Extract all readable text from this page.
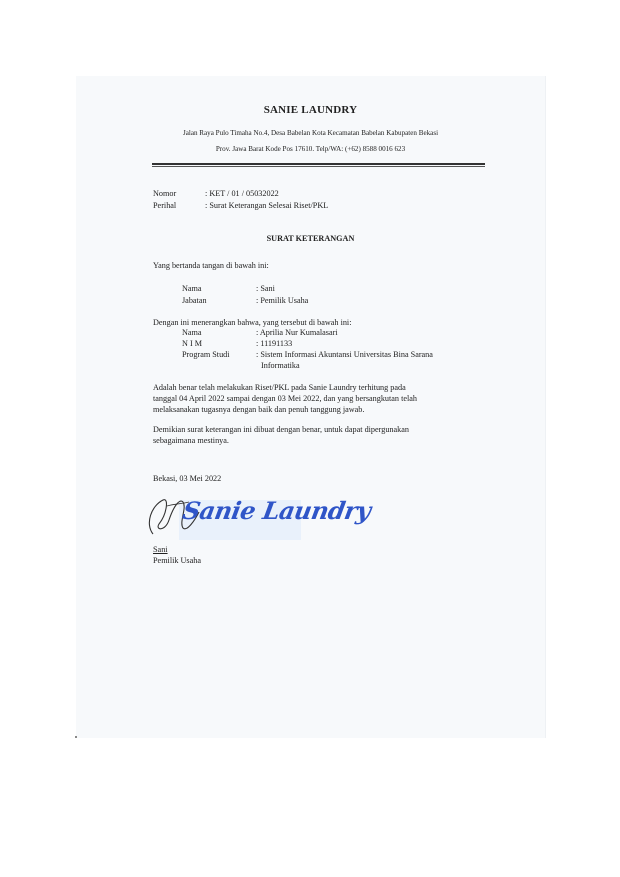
SANIE LAUNDRY
Jalan Raya Pulo Timaha No.4, Desa Babelan Kota Kecamatan Babelan Kabupaten Bekasi
Prov. Jawa Barat Kode Pos 17610. Telp/WA: (+62) 8588 0016 623
Nomor	: KET / 01 / 05032022
Perihal	: Surat Keterangan Selesai Riset/PKL
SURAT KETERANGAN
Yang bertanda tangan di bawah ini:
Nama	: Sani
Jabatan	: Pemilik Usaha
Dengan ini menerangkan bahwa, yang tersebut di bawah ini:
Nama	: Aprilia Nur Kumalasari
N I M	: 11191133
Program Studi	: Sistem Informasi Akuntansi Universitas Bina Sarana
Informatika
Adalah benar telah melakukan Riset/PKL pada Sanie Laundry terhitung pada
tanggal 04 April 2022 sampai dengan 03 Mei 2022, dan yang bersangkutan telah
melaksanakan tugasnya dengan baik dan penuh tanggung jawab.
Demikian surat keterangan ini dibuat dengan benar, untuk dapat dipergunakan
sebagaimana mestinya.
Bekasi, 03 Mei 2022
Sanie Laundry
Sani
Pemilik Usaha
